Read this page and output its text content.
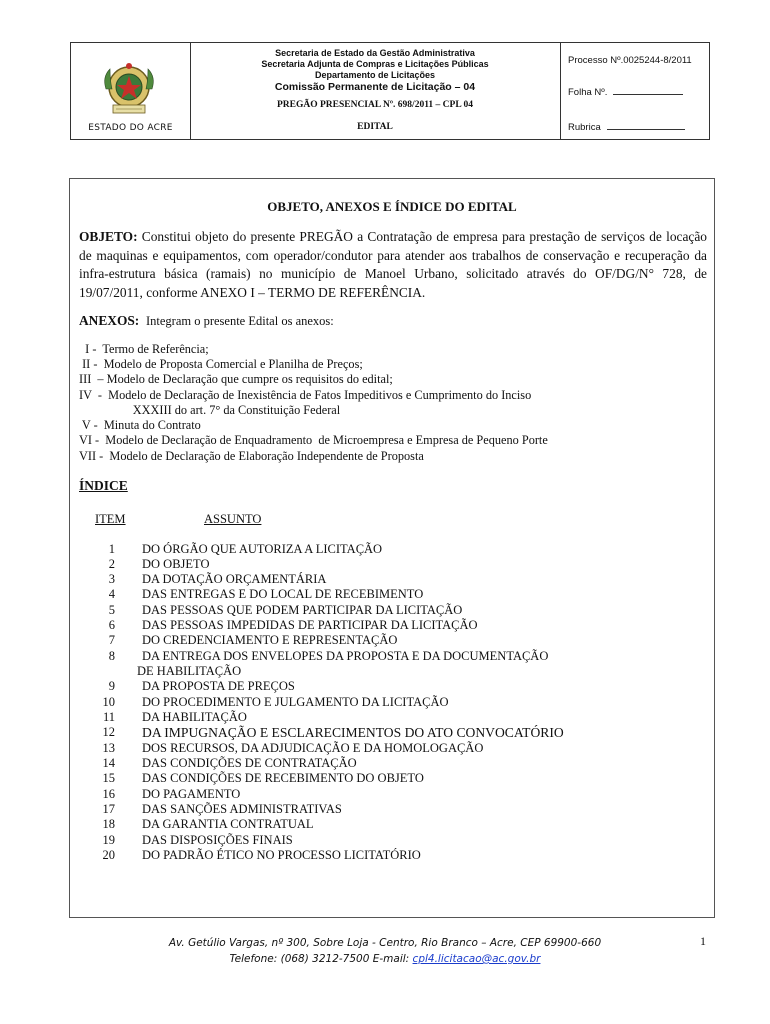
ESTADO DO ACRE
Secretaria de Estado da Gestão Administrativa
Secretaria Adjunta de Compras e Licitações Públicas
Departamento de Licitações
Comissão Permanente de Licitação – 04
PREGÃO PRESENCIAL Nº. 698/2011 – CPL 04
EDITAL
Processo Nº.0025244-8/2011
Folha Nº.
Rubrica
OBJETO, ANEXOS E ÍNDICE DO EDITAL
OBJETO: Constitui objeto do presente PREGÃO a Contratação de empresa para prestação de serviços de locação de maquinas e equipamentos, com operador/condutor para atender aos trabalhos de conservação e recuperação da infra-estrutura básica (ramais) no município de Manoel Urbano, solicitado através do OF/DG/N° 728, de 19/07/2011, conforme ANEXO I – TERMO DE REFERÊNCIA.
ANEXOS: Integram o presente Edital os anexos:
I -  Termo de Referência;
II -  Modelo de Proposta Comercial e Planilha de Preços;
III  – Modelo de Declaração que cumpre os requisitos do edital;
IV  -  Modelo de Declaração de Inexistência de Fatos Impeditivos e Cumprimento do Inciso
XXXIII do art. 7° da Constituição Federal
V -  Minuta do Contrato
VI -  Modelo de Declaração de Enquadramento  de Microempresa e Empresa de Pequeno Porte
VII -  Modelo de Declaração de Elaboração Independente de Proposta
ÍNDICE
ITEM	ASSUNTO
1 DO ÓRGÃO QUE AUTORIZA A LICITAÇÃO
2 DO OBJETO
3 DA DOTAÇÃO ORÇAMENTÁRIA
4 DAS ENTREGAS E DO LOCAL DE RECEBIMENTO
5 DAS PESSOAS QUE PODEM PARTICIPAR DA LICITAÇÃO
6 DAS PESSOAS IMPEDIDAS DE PARTICIPAR DA LICITAÇÃO
7 DO CREDENCIAMENTO E REPRESENTAÇÃO
8 DA ENTREGA DOS ENVELOPES DA PROPOSTA E DA DOCUMENTAÇÃO
DE HABILITAÇÃO
9 DA PROPOSTA DE PREÇOS
10 DO PROCEDIMENTO E JULGAMENTO DA LICITAÇÃO
11 DA HABILITAÇÃO
12 DA IMPUGNAÇÃO E ESCLARECIMENTOS DO ATO CONVOCATÓRIO
13 DOS RECURSOS, DA ADJUDICAÇÃO E DA HOMOLOGAÇÃO
14 DAS CONDIÇÕES DE CONTRATAÇÃO
15 DAS CONDIÇÕES DE RECEBIMENTO DO OBJETO
16 DO PAGAMENTO
17 DAS SANÇÕES ADMINISTRATIVAS
18 DA GARANTIA CONTRATUAL
19 DAS DISPOSIÇÕES FINAIS
20 DO PADRÃO ÉTICO NO PROCESSO LICITATÓRIO
Av. Getúlio Vargas, nº 300, Sobre Loja - Centro, Rio Branco – Acre, CEP 69900-660
Telefone: (068) 3212-7500 E-mail: cpl4.licitacao@ac.gov.br
1
